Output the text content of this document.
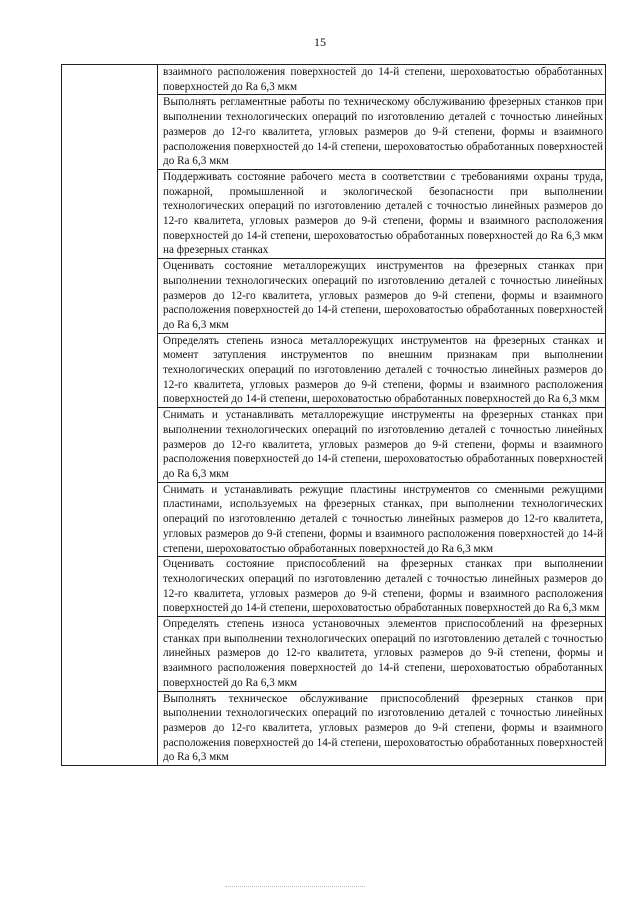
15

взаимного расположения поверхностей до 14-й степени, шероховатостью обработанных поверхностей до Ra 6,3 мкм

Выполнять регламентные работы по техническому обслуживанию фрезерных станков при выполнении технологических операций по изготовлению деталей с точностью линейных размеров до 12-го квалитета, угловых размеров до 9-й степени, формы и взаимного расположения поверхностей до 14-й степени, шероховатостью обработанных поверхностей до Ra 6,3 мкм

Поддерживать состояние рабочего места в соответствии с требованиями охраны труда, пожарной, промышленной и экологической безопасности при выполнении технологических операций по изготовлению деталей с точностью линейных размеров до 12-го квалитета, угловых размеров до 9-й степени, формы и взаимного расположения поверхностей до 14-й степени, шероховатостью обработанных поверхностей до Ra 6,3 мкм на фрезерных станках

Оценивать состояние металлорежущих инструментов на фрезерных станках при выполнении технологических операций по изготовлению деталей с точностью линейных размеров до 12-го квалитета, угловых размеров до 9-й степени, формы и взаимного расположения поверхностей до 14-й степени, шероховатостью обработанных поверхностей до Ra 6,3 мкм

Определять степень износа металлорежущих инструментов на фрезерных станках и момент затупления инструментов по внешним признакам при выполнении технологических операций по изготовлению деталей с точностью линейных размеров до 12-го квалитета, угловых размеров до 9-й степени, формы и взаимного расположения поверхностей до 14-й степени, шероховатостью обработанных поверхностей до Ra 6,3 мкм

Снимать и устанавливать металлорежущие инструменты на фрезерных станках при выполнении технологических операций по изготовлению деталей с точностью линейных размеров до 12-го квалитета, угловых размеров до 9-й степени, формы и взаимного расположения поверхностей до 14-й степени, шероховатостью обработанных поверхностей до Ra 6,3 мкм

Снимать и устанавливать режущие пластины инструментов со сменными режущими пластинами, используемых на фрезерных станках, при выполнении технологических операций по изготовлению деталей с точностью линейных размеров до 12-го квалитета, угловых размеров до 9-й степени, формы и взаимного расположения поверхностей до 14-й степени, шероховатостью обработанных поверхностей до Ra 6,3 мкм

Оценивать состояние приспособлений на фрезерных станках при выполнении технологических операций по изготовлению деталей с точностью линейных размеров до 12-го квалитета, угловых размеров до 9-й степени, формы и взаимного расположения поверхностей до 14-й степени, шероховатостью обработанных поверхностей до Ra 6,3 мкм

Определять степень износа установочных элементов приспособлений на фрезерных станках при выполнении технологических операций по изготовлению деталей с точностью линейных размеров до 12-го квалитета, угловых размеров до 9-й степени, формы и взаимного расположения поверхностей до 14-й степени, шероховатостью обработанных поверхностей до Ra 6,3 мкм

Выполнять техническое обслуживание приспособлений фрезерных станков при выполнении технологических операций по изготовлению деталей с точностью линейных размеров до 12-го квалитета, угловых размеров до 9-й степени, формы и взаимного расположения поверхностей до 14-й степени, шероховатостью обработанных поверхностей до Ra 6,3 мкм
